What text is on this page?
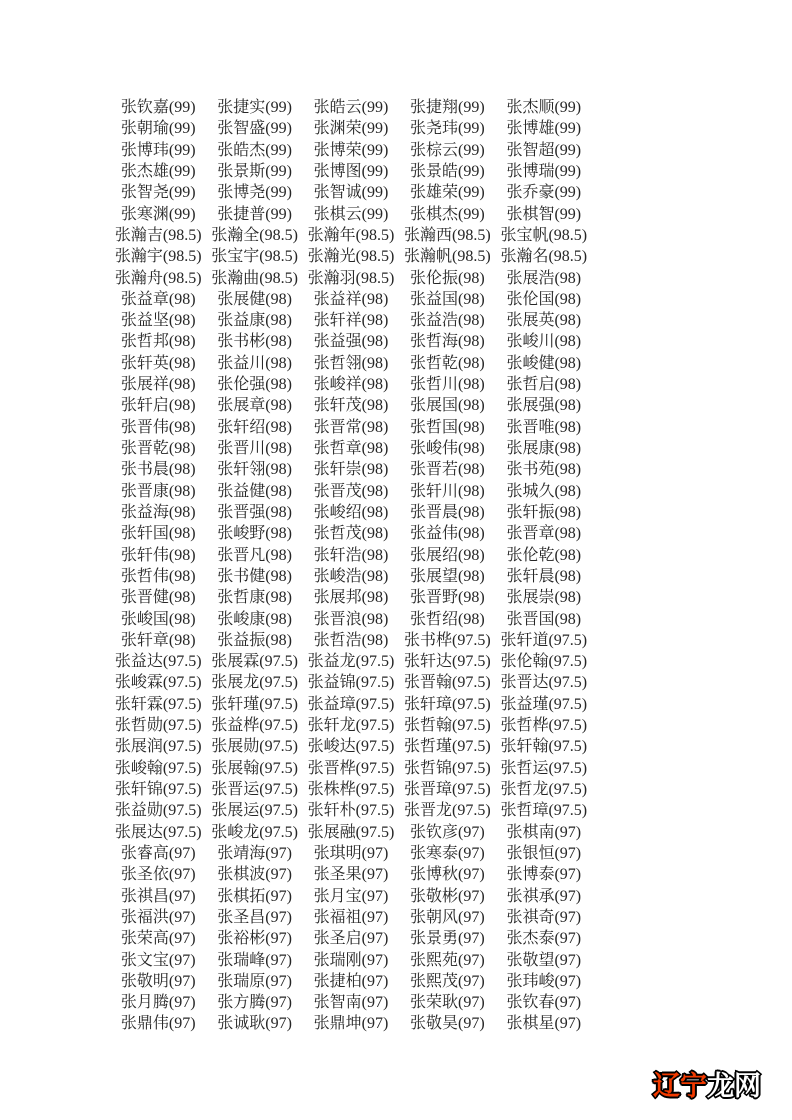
张钦嘉(99)	张捷实(99)	张皓云(99)	张捷翔(99)	张杰顺(99)
张朝瑜(99)	张智盛(99)	张渊荣(99)	张尧玮(99)	张博雄(99)
张博玮(99)	张皓杰(99)	张博荣(99)	张棕云(99)	张智超(99)
张杰雄(99)	张景斯(99)	张博图(99)	张景皓(99)	张博瑞(99)
张智尧(99)	张博尧(99)	张智诚(99)	张雄荣(99)	张乔豪(99)
张寒渊(99)	张捷普(99)	张棋云(99)	张棋杰(99)	张棋智(99)
张瀚吉(98.5) 张瀚全(98.5) 张瀚年(98.5) 张瀚西(98.5) 张宝帆(98.5)
张瀚宇(98.5) 张宝宇(98.5) 张瀚光(98.5) 张瀚帆(98.5) 张瀚名(98.5)
张瀚舟(98.5) 张瀚曲(98.5) 张瀚羽(98.5) 张伦振(98)	张展浩(98)
张益章(98)	张展健(98)	张益祥(98)	张益国(98)	张伦国(98)
张益坚(98)	张益康(98)	张轩祥(98)	张益浩(98)	张展英(98)
张哲邦(98)	张书彬(98)	张益强(98)	张哲海(98)	张峻川(98)
张轩英(98)	张益川(98)	张哲翎(98)	张哲乾(98)	张峻健(98)
张展祥(98)	张伦强(98)	张峻祥(98)	张哲川(98)	张哲启(98)
张轩启(98)	张展章(98)	张轩茂(98)	张展国(98)	张展强(98)
张晋伟(98)	张轩绍(98)	张晋常(98)	张哲国(98)	张晋唯(98)
张晋乾(98)	张晋川(98)	张哲章(98)	张峻伟(98)	张展康(98)
张书晨(98)	张轩翎(98)	张轩崇(98)	张晋若(98)	张书苑(98)
张晋康(98)	张益健(98)	张晋茂(98)	张轩川(98)	张城久(98)
张益海(98)	张晋强(98)	张峻绍(98)	张晋晨(98)	张轩振(98)
张轩国(98)	张峻野(98)	张哲茂(98)	张益伟(98)	张晋章(98)
张轩伟(98)	张晋凡(98)	张轩浩(98)	张展绍(98)	张伦乾(98)
张哲伟(98)	张书健(98)	张峻浩(98)	张展望(98)	张轩晨(98)
张晋健(98)	张哲康(98)	张展邦(98)	张晋野(98)	张展崇(98)
张峻国(98)	张峻康(98)	张晋浪(98)	张哲绍(98)	张晋国(98)
张轩章(98)	张益振(98)	张哲浩(98) 张书桦(97.5) 张轩道(97.5)
张益达(97.5) 张展霖(97.5) 张益龙(97.5) 张轩达(97.5) 张伦翰(97.5)
张峻霖(97.5) 张展龙(97.5) 张益锦(97.5) 张晋翰(97.5) 张晋达(97.5)
张轩霖(97.5) 张轩瑾(97.5) 张益璋(97.5) 张轩璋(97.5) 张益瑾(97.5)
张哲勋(97.5) 张益桦(97.5) 张轩龙(97.5) 张哲翰(97.5) 张哲桦(97.5)
张展润(97.5) 张展勋(97.5) 张峻达(97.5) 张哲瑾(97.5) 张轩翰(97.5)
张峻翰(97.5) 张展翰(97.5) 张晋桦(97.5) 张哲锦(97.5) 张哲运(97.5)
张轩锦(97.5) 张晋运(97.5) 张株桦(97.5) 张晋璋(97.5) 张哲龙(97.5)
张益勋(97.5) 张展运(97.5) 张轩朴(97.5) 张晋龙(97.5) 张哲璋(97.5)
张展达(97.5) 张峻龙(97.5) 张展融(97.5) 张钦彦(97)	张棋南(97)
张睿高(97)	张靖海(97)	张琪明(97)	张寒泰(97)	张银恒(97)
张圣依(97)	张棋波(97)	张圣果(97)	张博秋(97)	张博泰(97)
张祺昌(97)	张棋拓(97)	张月宝(97)	张敬彬(97)	张祺承(97)
张福洪(97)	张圣昌(97)	张福祖(97)	张朝风(97)	张祺奇(97)
张荣高(97)	张裕彬(97)	张圣启(97)	张景勇(97)	张杰泰(97)
张文宝(97)	张瑞峰(97)	张瑞刚(97)	张熙苑(97)	张敬望(97)
张敬明(97)	张瑞原(97)	张捷柏(97)	张熙茂(97)	张玮峻(97)
张月腾(97)	张方腾(97)	张智南(97)	张荣耿(97)	张钦春(97)
张鼎伟(97)	张诚耿(97)	张鼎坤(97)	张敬昊(97)	张棋星(97)
辽宁龙网
